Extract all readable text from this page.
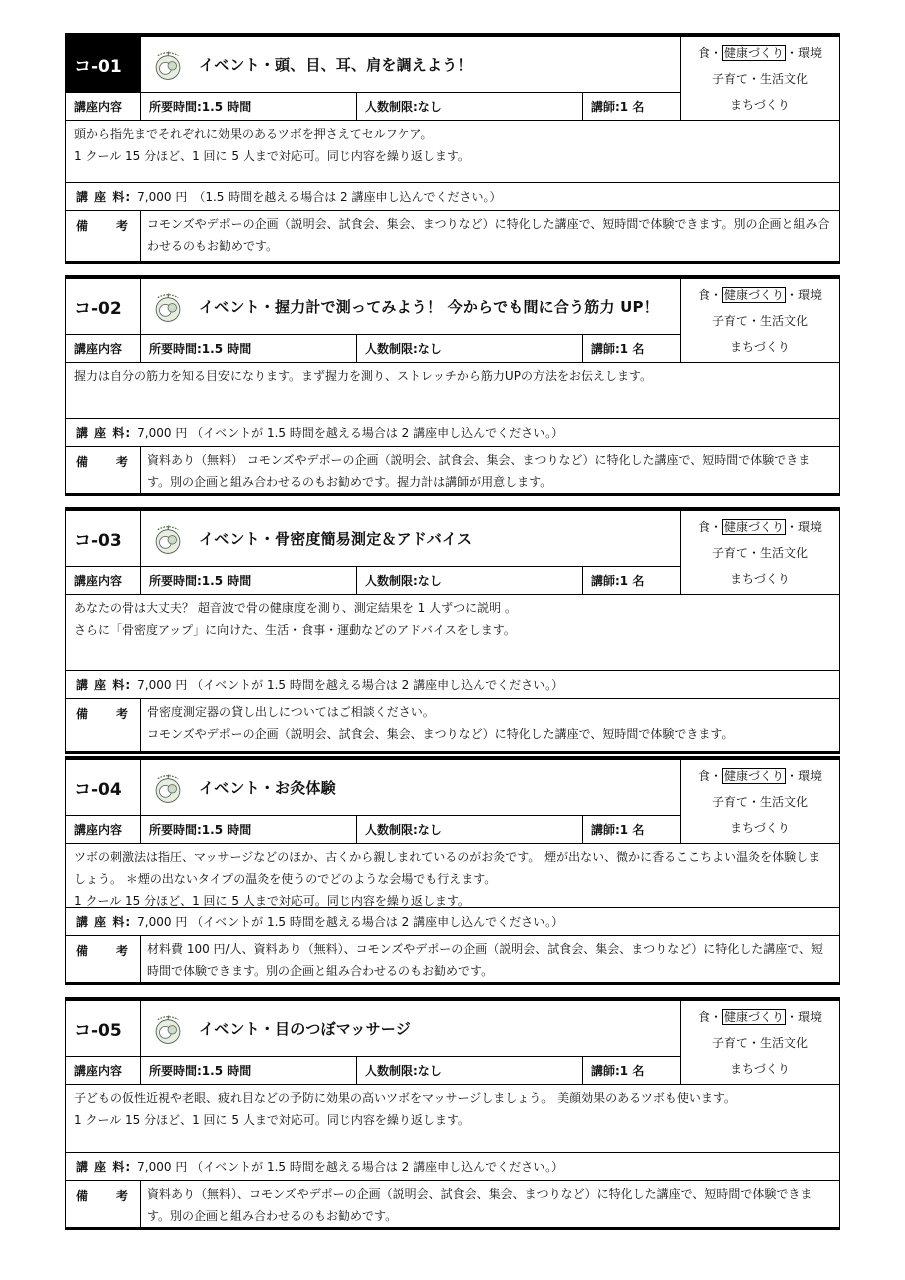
コ-01	イベント・頭、目、耳、肩を調えよう！
食・ 健康づくり ・環境
子育て・生活文化
まちづくり
講座内容	所要時間:1.5 時間	人数制限:なし	講師:1 名
頭から指先までそれぞれに効果のあるツボを押さえてセルフケア。
1 クール 15 分ほど、1 回に 5 人まで対応可。同じ内容を繰り返します。
講 座 料: 7,000 円　（1.5 時間を越える場合は 2 講座申し込んでください。）
備 考 コモンズやデポーの企画（説明会、試食会、集会、まつりなど）に特化した講座で、短時間で体験できます。別の企画と組み合わせるのもお勧めです。
コ-02	イベント・握力計で測ってみよう！ 今からでも間に合う筋力 UP！
食・ 健康づくり ・環境
子育て・生活文化
まちづくり
講座内容	所要時間:1.5 時間	人数制限:なし	講師:1 名
握力は自分の筋力を知る目安になります。まず握力を測り、ストレッチから筋力UPの方法をお伝えします。
講 座 料: 7,000 円 （イベントが 1.5 時間を越える場合は 2 講座申し込んでください。）
備 考 資料あり（無料） コモンズやデポーの企画（説明会、試食会、集会、まつりなど）に特化した講座で、短時間で体験できます。別の企画と組み合わせるのもお勧めです。握力計は講師が用意します。
コ-03	イベント・骨密度簡易測定＆アドバイス
食・ 健康づくり ・環境
子育て・生活文化
まちづくり
講座内容	所要時間:1.5 時間	人数制限:なし	講師:1 名
あなたの骨は大丈夫？ 超音波で骨の健康度を測り、測定結果を 1 人ずつに説明 。
さらに「骨密度アップ」に向けた、生活・食事・運動などのアドバイスをします。
講 座 料: 7,000 円 （イベントが 1.5 時間を越える場合は 2 講座申し込んでください。）
備 考 骨密度測定器の貸し出しについてはご相談ください。
コモンズやデポーの企画（説明会、試食会、集会、まつりなど）に特化した講座で、短時間で体験できます。
コ-04	イベント・お灸体験
食・ 健康づくり ・環境
子育て・生活文化
まちづくり
講座内容	所要時間:1.5 時間	人数制限:なし	講師:1 名
ツボの刺激法は指圧、マッサージなどのほか、古くから親しまれているのがお灸です。 煙が出ない、微かに香るここちよい温灸を体験しましょう。 ＊煙の出ないタイプの温灸を使うのでどのような会場でも行えます。
1 クール 15 分ほど、1 回に 5 人まで対応可。同じ内容を繰り返します。
講 座 料: 7,000 円 （イベントが 1.5 時間を越える場合は 2 講座申し込んでください。）
備 考 材料費 100 円/人、資料あり（無料）、コモンズやデポーの企画（説明会、試食会、集会、まつりなど）に特化した講座で、短時間で体験できます。別の企画と組み合わせるのもお勧めです。
コ-05	イベント・目のつぼマッサージ
食・ 健康づくり ・環境
子育て・生活文化
まちづくり
講座内容	所要時間:1.5 時間	人数制限:なし	講師:1 名
子どもの仮性近視や老眼、疲れ目などの予防に効果の高いツボをマッサージしましょう。 美顔効果のあるツボも使います。
1 クール 15 分ほど、1 回に 5 人まで対応可。同じ内容を繰り返します。
講 座 料: 7,000 円 （イベントが 1.5 時間を越える場合は 2 講座申し込んでください。）
備 考 資料あり（無料）、コモンズやデポーの企画（説明会、試食会、集会、まつりなど）に特化した講座で、短時間で体験できます。別の企画と組み合わせるのもお勧めです。
